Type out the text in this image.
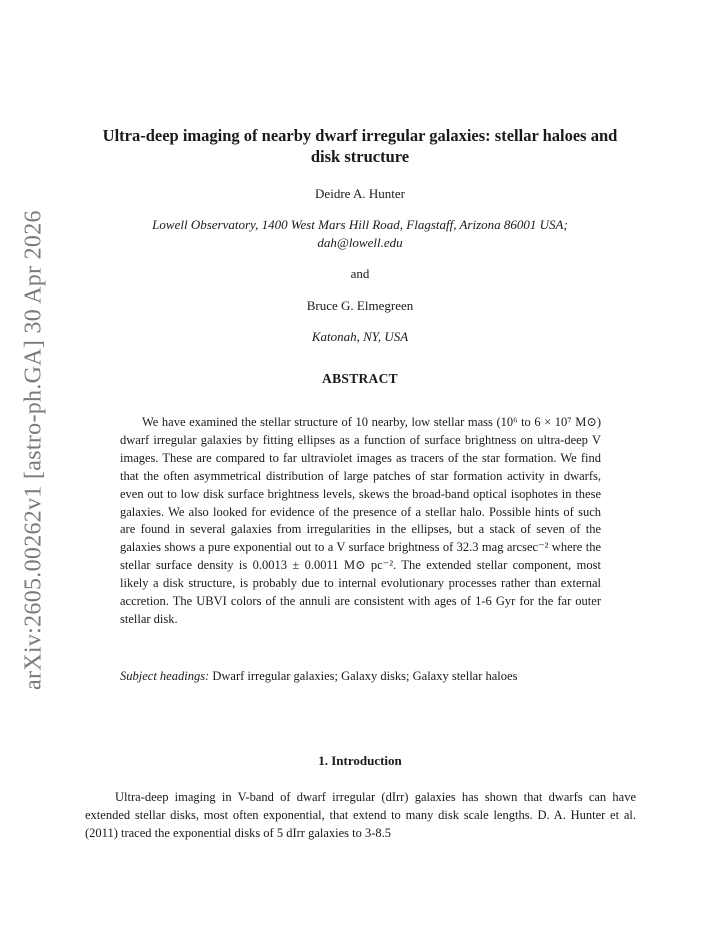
arXiv:2605.00262v1 [astro-ph.GA] 30 Apr 2026
Ultra-deep imaging of nearby dwarf irregular galaxies: stellar haloes and disk structure
Deidre A. Hunter
Lowell Observatory, 1400 West Mars Hill Road, Flagstaff, Arizona 86001 USA;
dah@lowell.edu
and
Bruce G. Elmegreen
Katonah, NY, USA
ABSTRACT

We have examined the stellar structure of 10 nearby, low stellar mass (10⁶ to 6 × 10⁷ M⊙) dwarf irregular galaxies by fitting ellipses as a function of surface brightness on ultra-deep V images. These are compared to far ultraviolet images as tracers of the star formation. We find that the often asymmetrical distribution of large patches of star formation activity in dwarfs, even out to low disk surface brightness levels, skews the broad-band optical isophotes in these galaxies. We also looked for evidence of the presence of a stellar halo. Possible hints of such are found in several galaxies from irregularities in the ellipses, but a stack of seven of the galaxies shows a pure exponential out to a V surface brightness of 32.3 mag arcsec⁻² where the stellar surface density is 0.0013 ± 0.0011 M⊙ pc⁻². The extended stellar component, most likely a disk structure, is probably due to internal evolutionary processes rather than external accretion. The UBVI colors of the annuli are consistent with ages of 1-6 Gyr for the far outer stellar disk.

Subject headings: Dwarf irregular galaxies; Galaxy disks; Galaxy stellar haloes
1. Introduction

Ultra-deep imaging in V-band of dwarf irregular (dIrr) galaxies has shown that dwarfs can have extended stellar disks, most often exponential, that extend to many disk scale lengths. D. A. Hunter et al. (2011) traced the exponential disks of 5 dIrr galaxies to 3-8.5
